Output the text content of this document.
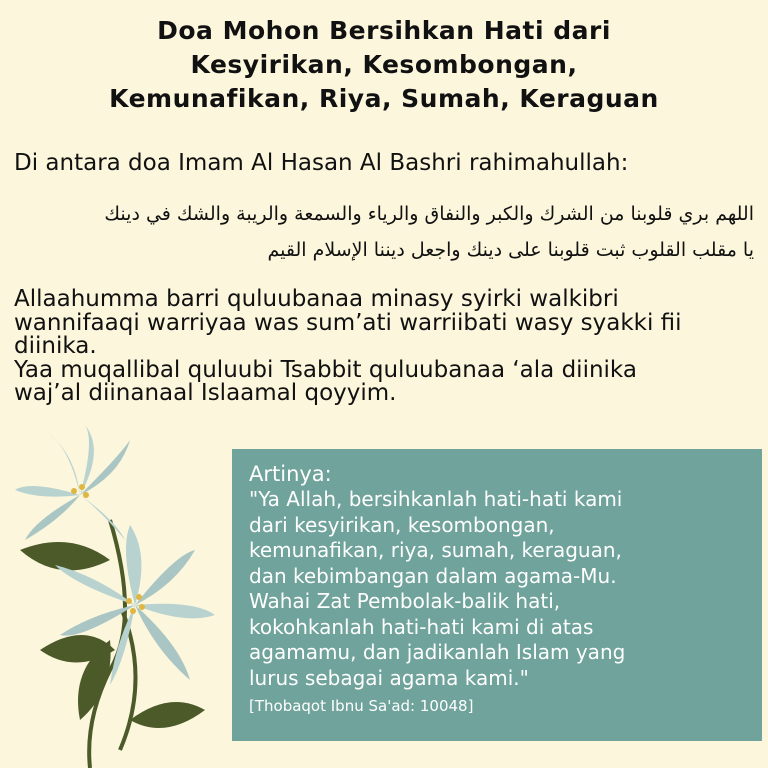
Doa Mohon Bersihkan Hati dari
Kesyirikan, Kesombongan,
Kemunafikan, Riya, Sumah, Keraguan
Di antara doa Imam Al Hasan Al Bashri rahimahullah:
اللهم بري قلوبنا من الشرك والكبر والنفاق والرياء والسمعة والريبة والشك في دينك
يا مقلب القلوب ثبت قلوبنا على دينك واجعل ديننا الإسلام القيم
Allaahumma barri quluubanaa minasy syirki walkibri
wannifaaqi warriyaa was sum’ati warriibati wasy syakki fii
diinika.
Yaa muqallibal quluubi Tsabbit quluubanaa ‘ala diinika
waj’al diinanaal Islaamal qoyyim.
Artinya:
"Ya Allah, bersihkanlah hati-hati kami
dari kesyirikan, kesombongan,
kemunafikan, riya, sumah, keraguan,
dan kebimbangan dalam agama-Mu.
Wahai Zat Pembolak-balik hati,
kokohkanlah hati-hati kami di atas
agamamu, dan jadikanlah Islam yang
lurus sebagai agama kami."
[Thobaqot Ibnu Sa'ad: 10048]
